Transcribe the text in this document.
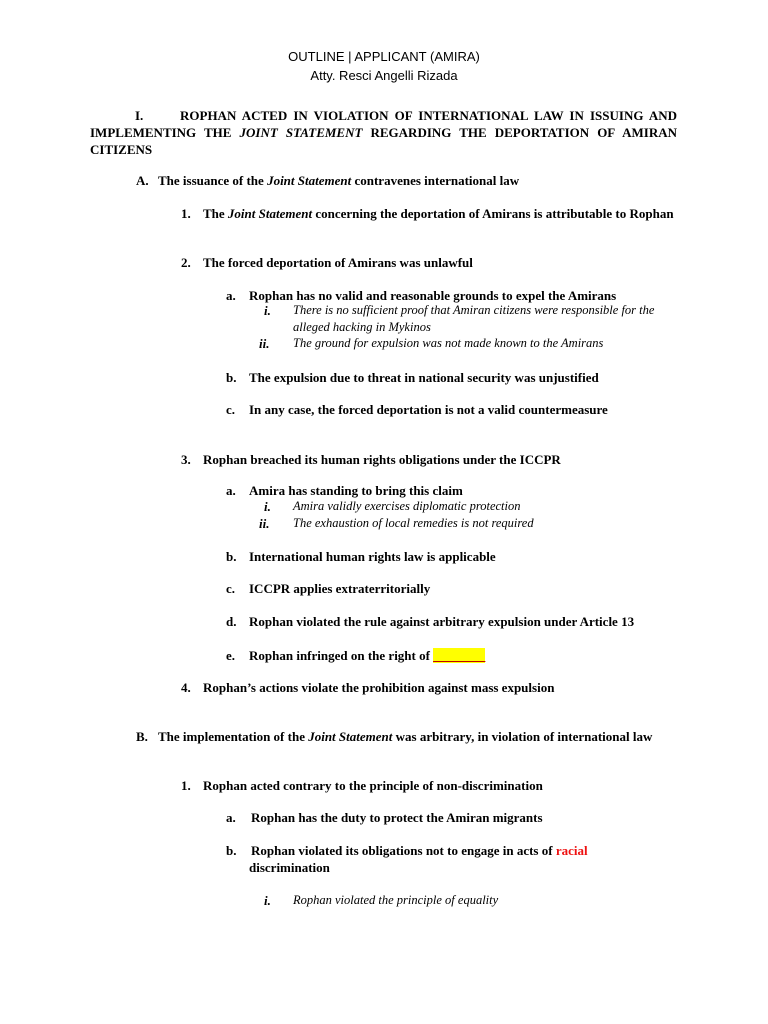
OUTLINE | APPLICANT (AMIRA)
Atty. Resci Angelli Rizada
I.	ROPHAN ACTED IN VIOLATION OF INTERNATIONAL LAW IN ISSUING AND IMPLEMENTING THE JOINT STATEMENT REGARDING THE DEPORTATION OF AMIRAN CITIZENS
A. The issuance of the Joint Statement contravenes international law
1. The Joint Statement concerning the deportation of Amirans is attributable to Rophan
2. The forced deportation of Amirans was unlawful
a. Rophan has no valid and reasonable grounds to expel the Amirans
i. There is no sufficient proof that Amiran citizens were responsible for the alleged hacking in Mykinos
ii. The ground for expulsion was not made known to the Amirans
b. The expulsion due to threat in national security was unjustified
c. In any case, the forced deportation is not a valid countermeasure
3. Rophan breached its human rights obligations under the ICCPR
a. Amira has standing to bring this claim
i. Amira validly exercises diplomatic protection
ii. The exhaustion of local remedies is not required
b. International human rights law is applicable
c. ICCPR applies extraterritorially
d. Rophan violated the rule against arbitrary expulsion under Article 13
e. Rophan infringed on the right of ________
4. Rophan’s actions violate the prohibition against mass expulsion
B. The implementation of the Joint Statement was arbitrary, in violation of international law
1. Rophan acted contrary to the principle of non-discrimination
a. Rophan has the duty to protect the Amiran migrants
b. Rophan violated its obligations not to engage in acts of racial
discrimination
i. Rophan violated the principle of equality
